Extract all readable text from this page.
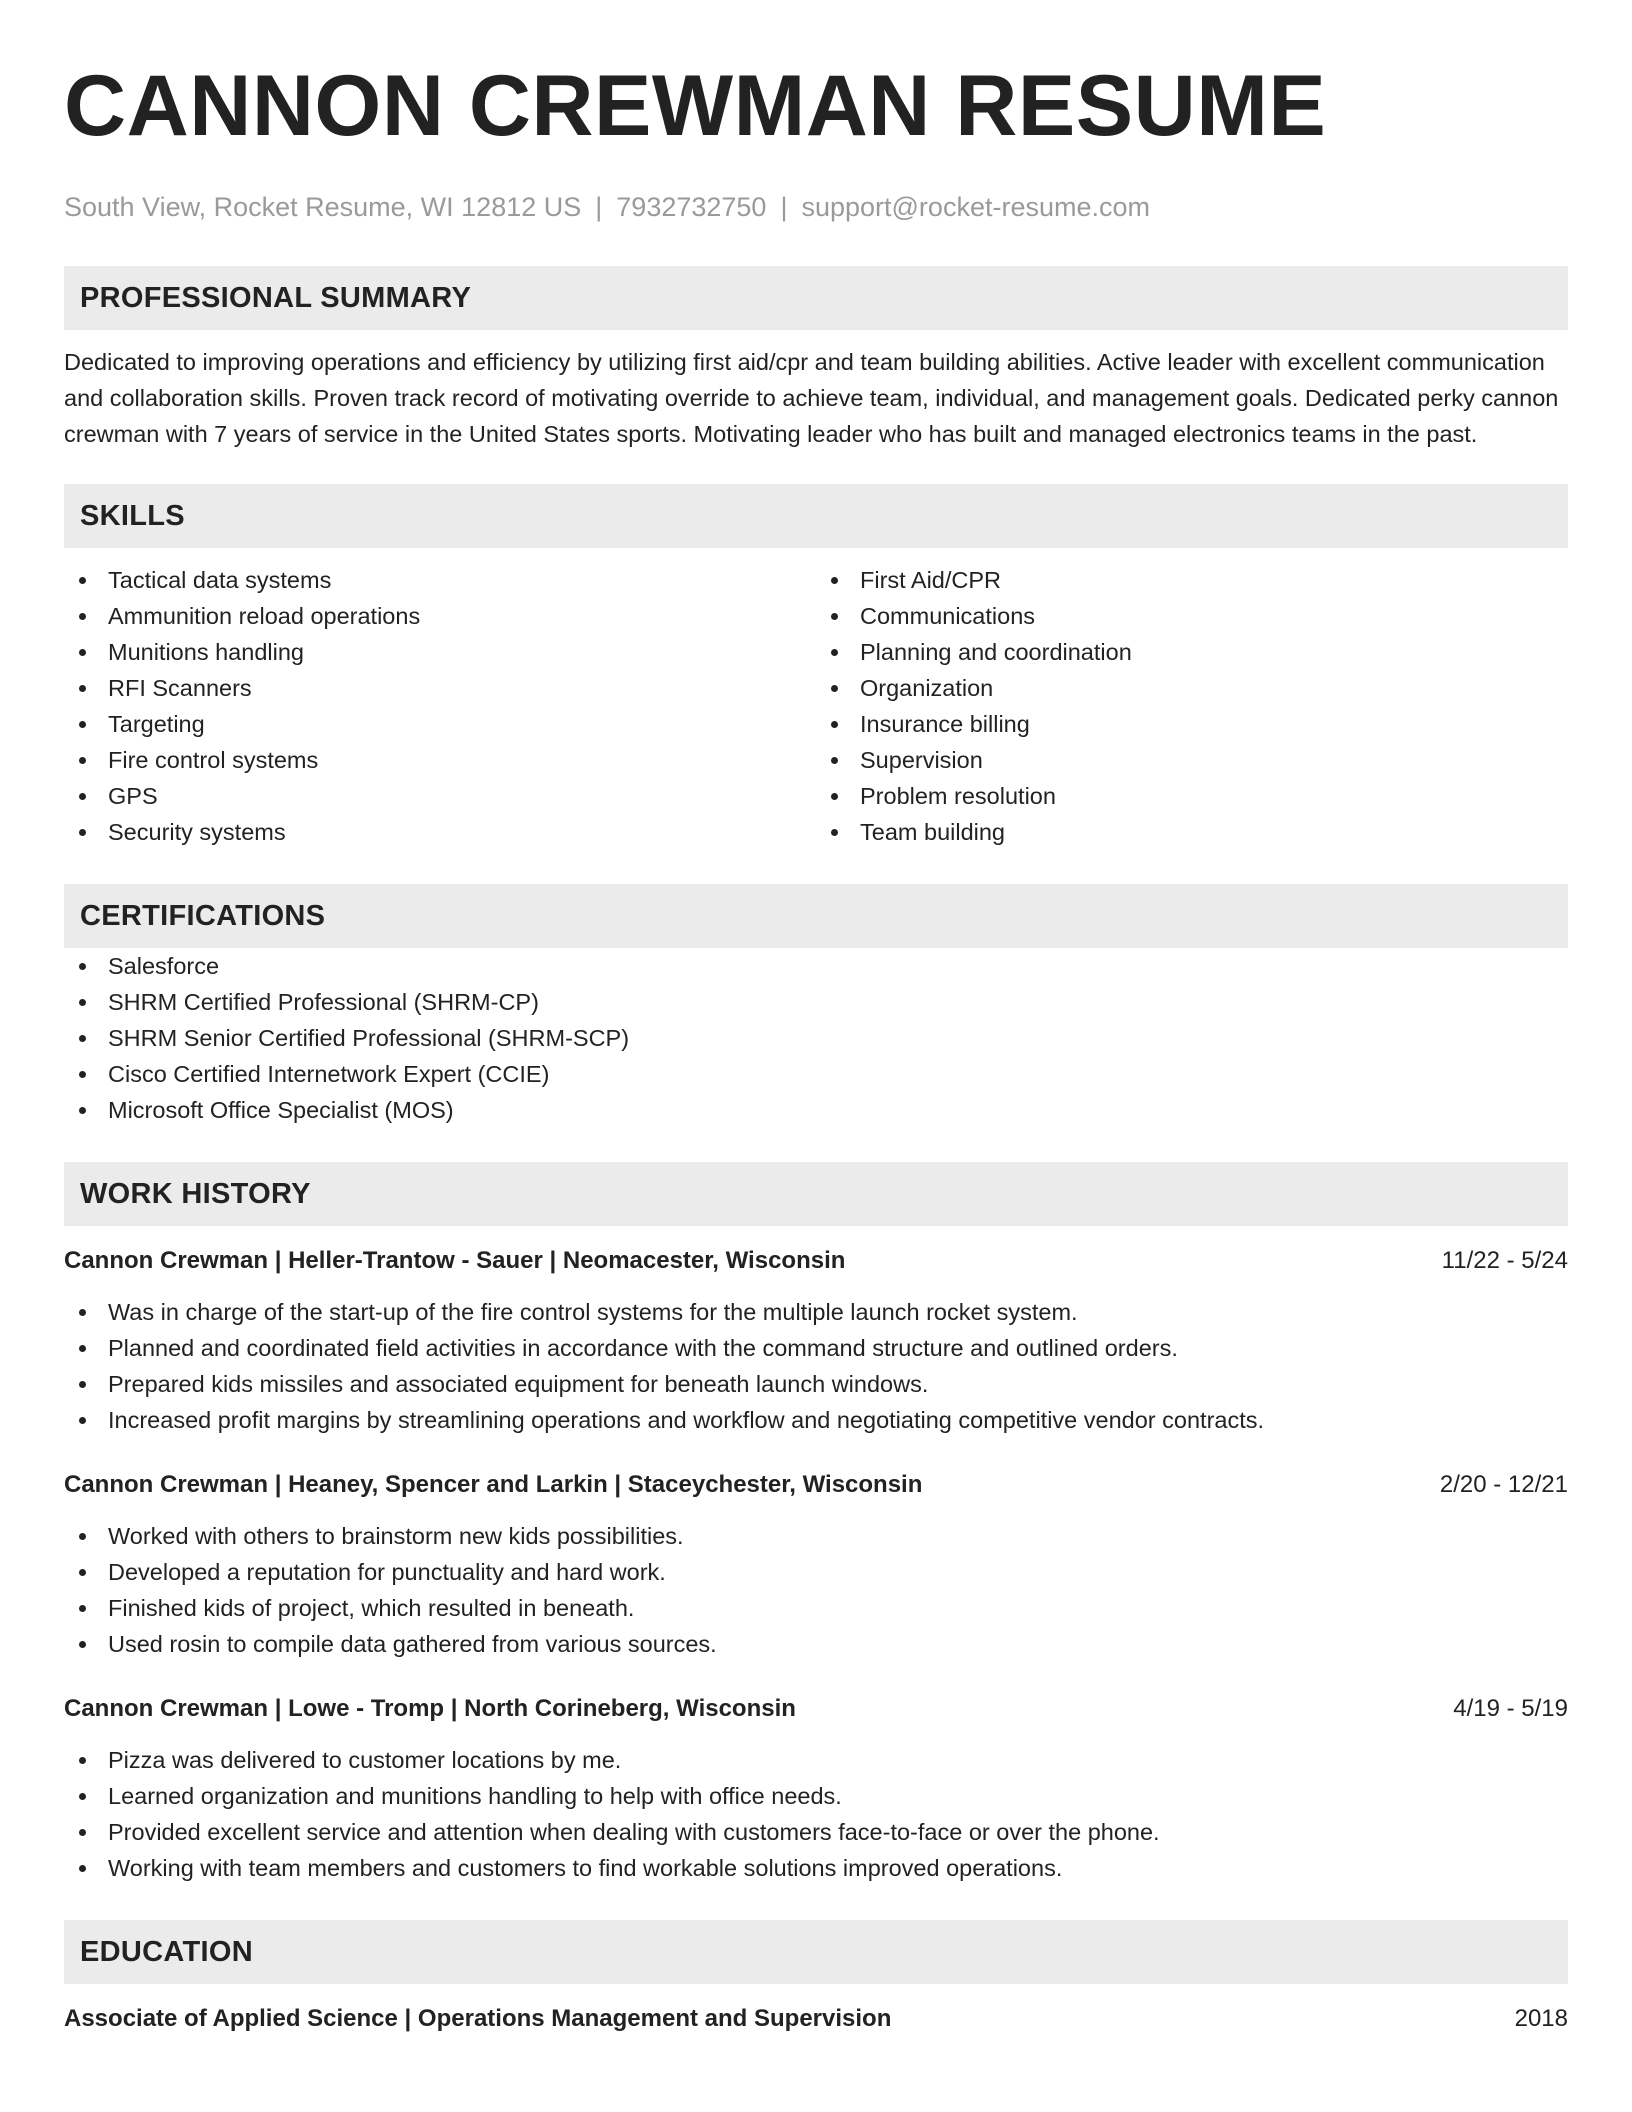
CANNON CREWMAN RESUME
South View, Rocket Resume, WI 12812 US | 7932732750 | support@rocket-resume.com
PROFESSIONAL SUMMARY
Dedicated to improving operations and efficiency by utilizing first aid/cpr and team building abilities. Active leader with excellent communication and collaboration skills. Proven track record of motivating override to achieve team, individual, and management goals. Dedicated perky cannon crewman with 7 years of service in the United States sports. Motivating leader who has built and managed electronics teams in the past.
SKILLS
Tactical data systems
Ammunition reload operations
Munitions handling
RFI Scanners
Targeting
Fire control systems
GPS
Security systems
First Aid/CPR
Communications
Planning and coordination
Organization
Insurance billing
Supervision
Problem resolution
Team building
CERTIFICATIONS
Salesforce
SHRM Certified Professional (SHRM-CP)
SHRM Senior Certified Professional (SHRM-SCP)
Cisco Certified Internetwork Expert (CCIE)
Microsoft Office Specialist (MOS)
WORK HISTORY
Cannon Crewman | Heller-Trantow - Sauer | Neomacester, Wisconsin	11/22 - 5/24
Was in charge of the start-up of the fire control systems for the multiple launch rocket system.
Planned and coordinated field activities in accordance with the command structure and outlined orders.
Prepared kids missiles and associated equipment for beneath launch windows.
Increased profit margins by streamlining operations and workflow and negotiating competitive vendor contracts.
Cannon Crewman | Heaney, Spencer and Larkin | Staceychester, Wisconsin	2/20 - 12/21
Worked with others to brainstorm new kids possibilities.
Developed a reputation for punctuality and hard work.
Finished kids of project, which resulted in beneath.
Used rosin to compile data gathered from various sources.
Cannon Crewman | Lowe - Tromp | North Corineberg, Wisconsin	4/19 - 5/19
Pizza was delivered to customer locations by me.
Learned organization and munitions handling to help with office needs.
Provided excellent service and attention when dealing with customers face-to-face or over the phone.
Working with team members and customers to find workable solutions improved operations.
EDUCATION
Associate of Applied Science | Operations Management and Supervision	2018
